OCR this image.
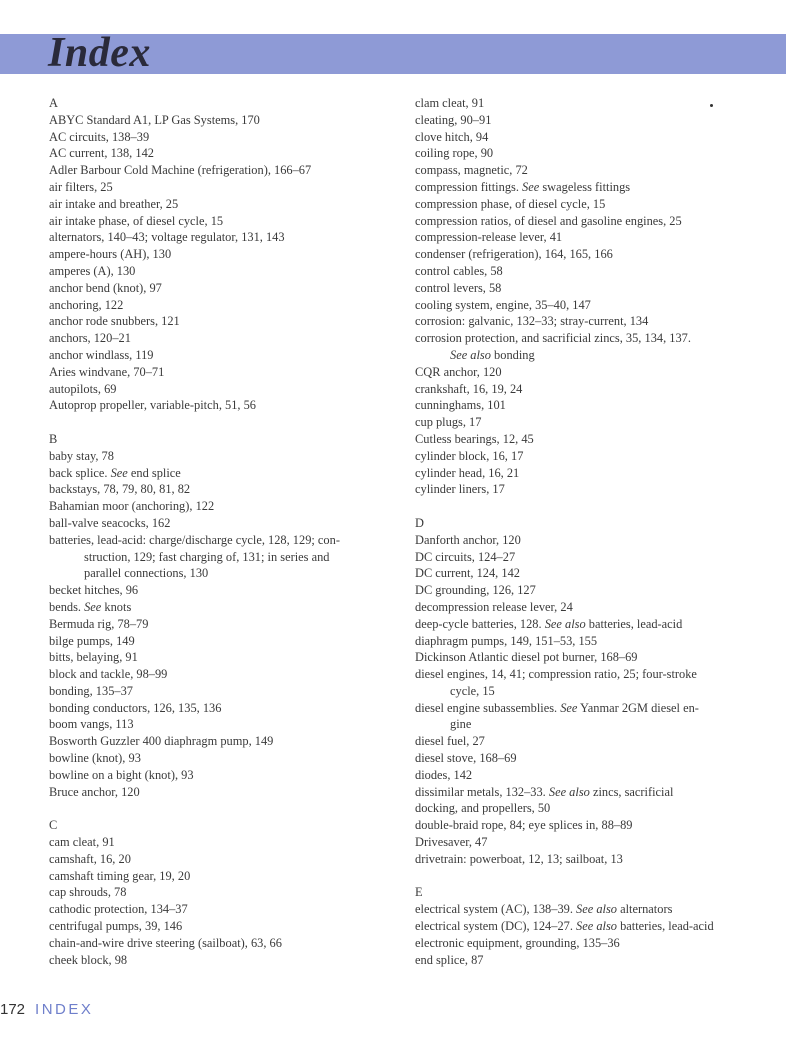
Index
A
ABYC Standard A1, LP Gas Systems, 170
AC circuits, 138–39
AC current, 138, 142
Adler Barbour Cold Machine (refrigeration), 166–67
air filters, 25
air intake and breather, 25
air intake phase, of diesel cycle, 15
alternators, 140–43; voltage regulator, 131, 143
ampere-hours (AH), 130
amperes (A), 130
anchor bend (knot), 97
anchoring, 122
anchor rode snubbers, 121
anchors, 120–21
anchor windlass, 119
Aries windvane, 70–71
autopilots, 69
Autoprop propeller, variable-pitch, 51, 56
B
baby stay, 78
back splice. See end splice
backstays, 78, 79, 80, 81, 82
Bahamian moor (anchoring), 122
ball-valve seacocks, 162
batteries, lead-acid: charge/discharge cycle, 128, 129; con-
struction, 129; fast charging of, 131; in series and
parallel connections, 130
becket hitches, 96
bends. See knots
Bermuda rig, 78–79
bilge pumps, 149
bitts, belaying, 91
block and tackle, 98–99
bonding, 135–37
bonding conductors, 126, 135, 136
boom vangs, 113
Bosworth Guzzler 400 diaphragm pump, 149
bowline (knot), 93
bowline on a bight (knot), 93
Bruce anchor, 120
C
cam cleat, 91
camshaft, 16, 20
camshaft timing gear, 19, 20
cap shrouds, 78
cathodic protection, 134–37
centrifugal pumps, 39, 146
chain-and-wire drive steering (sailboat), 63, 66
cheek block, 98
clam cleat, 91
cleating, 90–91
clove hitch, 94
coiling rope, 90
compass, magnetic, 72
compression fittings. See swageless fittings
compression phase, of diesel cycle, 15
compression ratios, of diesel and gasoline engines, 25
compression-release lever, 41
condenser (refrigeration), 164, 165, 166
control cables, 58
control levers, 58
cooling system, engine, 35–40, 147
corrosion: galvanic, 132–33; stray-current, 134
corrosion protection, and sacrificial zincs, 35, 134, 137.
See also bonding
CQR anchor, 120
crankshaft, 16, 19, 24
cunninghams, 101
cup plugs, 17
Cutless bearings, 12, 45
cylinder block, 16, 17
cylinder head, 16, 21
cylinder liners, 17
D
Danforth anchor, 120
DC circuits, 124–27
DC current, 124, 142
DC grounding, 126, 127
decompression release lever, 24
deep-cycle batteries, 128. See also batteries, lead-acid
diaphragm pumps, 149, 151–53, 155
Dickinson Atlantic diesel pot burner, 168–69
diesel engines, 14, 41; compression ratio, 25; four-stroke
cycle, 15
diesel engine subassemblies. See Yanmar 2GM diesel en-
gine
diesel fuel, 27
diesel stove, 168–69
diodes, 142
dissimilar metals, 132–33. See also zincs, sacrificial
docking, and propellers, 50
double-braid rope, 84; eye splices in, 88–89
Drivesaver, 47
drivetrain: powerboat, 12, 13; sailboat, 13
E
electrical system (AC), 138–39. See also alternators
electrical system (DC), 124–27. See also batteries, lead-acid
electronic equipment, grounding, 135–36
end splice, 87
172 INDEX
